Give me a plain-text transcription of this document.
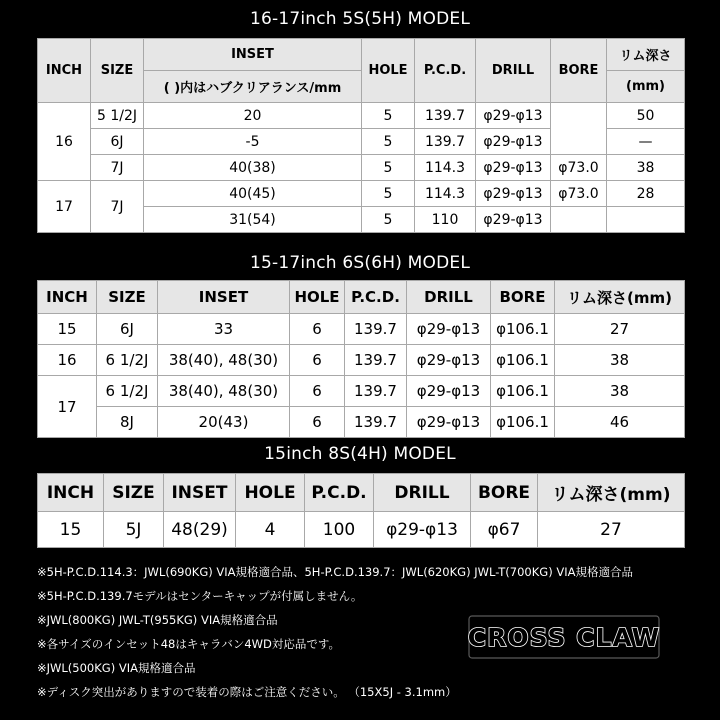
16-17inch 5S(5H) MODEL
INCH	SIZE	INSET	HOLE	P.C.D.	DRILL	BORE	リム深さ
		( )内はハブクリアランス/mm					(mm)
16	5 1/2J	20	5	139.7	φ29-φ13		50
	6J	-5	5	139.7	φ29-φ13		—
	7J	40(38)	5	114.3	φ29-φ13	φ73.0	38
17	7J	40(45)	5	114.3	φ29-φ13	φ73.0	28
		31(54)	5	110	φ29-φ13		
15-17inch 6S(6H) MODEL
INCH	SIZE	INSET	HOLE	P.C.D.	DRILL	BORE	リム深さ(mm)
15	6J	33	6	139.7	φ29-φ13	φ106.1	27
16	6 1/2J	38(40), 48(30)	6	139.7	φ29-φ13	φ106.1	38
17	6 1/2J	38(40), 48(30)	6	139.7	φ29-φ13	φ106.1	38
	8J	20(43)	6	139.7	φ29-φ13	φ106.1	46
15inch 8S(4H) MODEL
INCH	SIZE	INSET	HOLE	P.C.D.	DRILL	BORE	リム深さ(mm)
15	5J	48(29)	4	100	φ29-φ13	φ67	27
※5H-P.C.D.114.3：JWL(690KG) VIA規格適合品、5H-P.C.D.139.7：JWL(620KG) JWL-T(700KG) VIA規格適合品
※5H-P.C.D.139.7モデルはセンターキャップが付属しません。
※JWL(800KG) JWL-T(955KG) VIA規格適合品
※各サイズのインセット48はキャラバン4WD対応品です。
※JWL(500KG) VIA規格適合品
※ディスク突出がありますので装着の際はご注意ください。 （15X5J - 3.1mm）
CROSS CLAW
